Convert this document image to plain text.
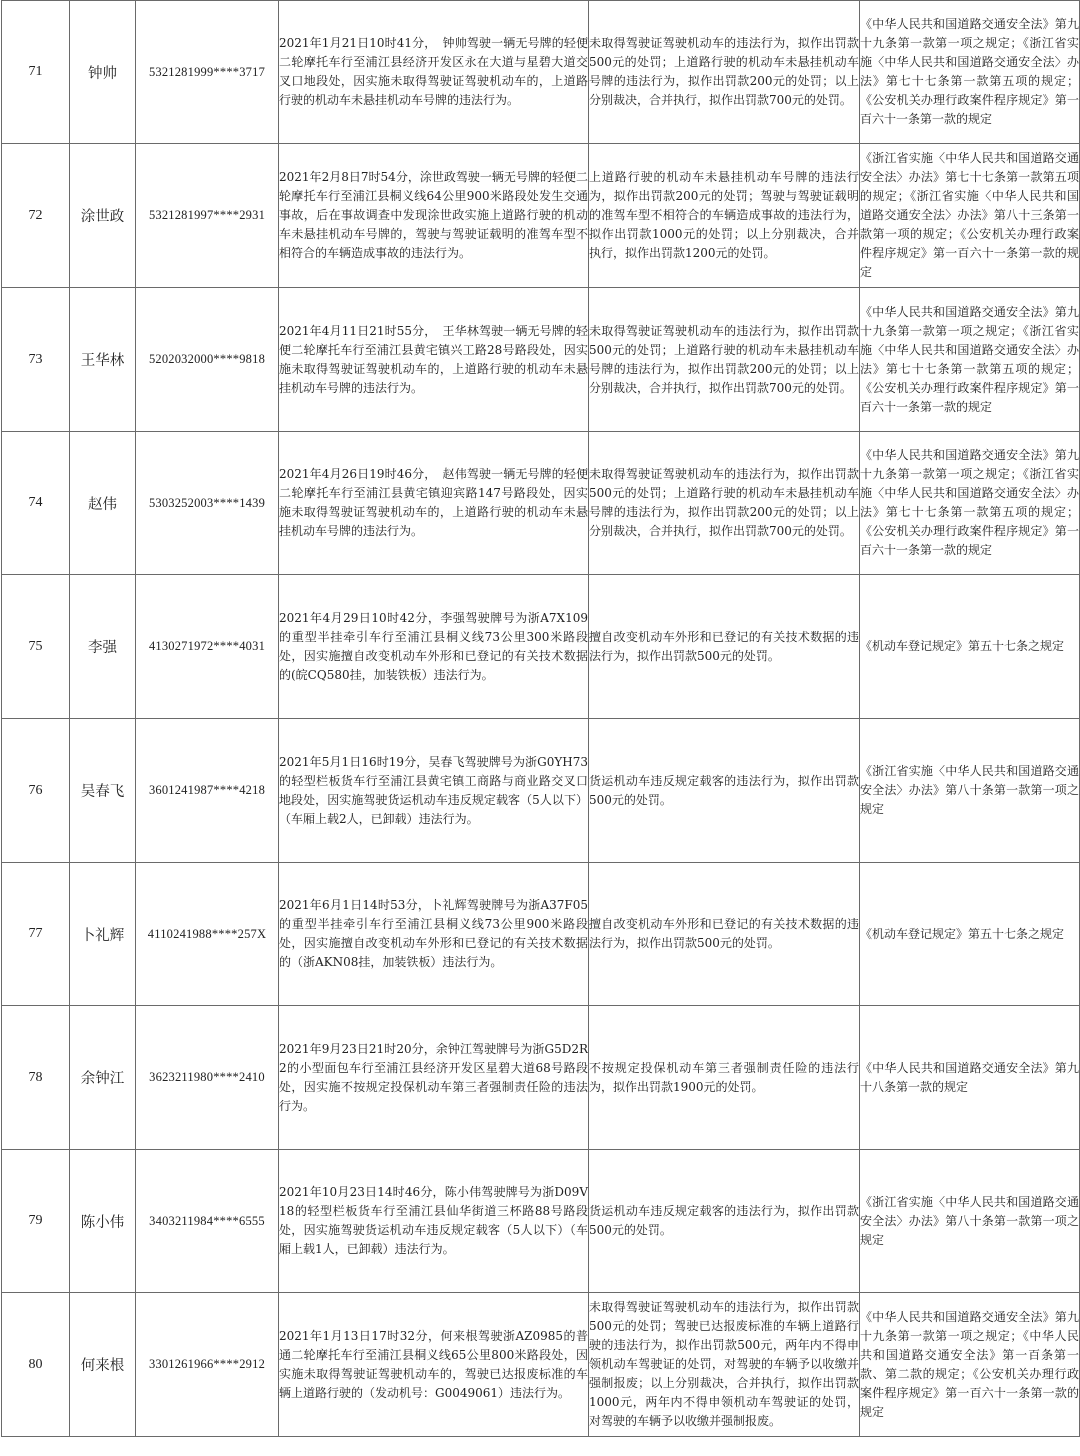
71	钟帅	5321281999****3717	2021年1月21日10时41分，　钟帅驾驶一辆无号牌的轻便二轮摩托车行至浦江县经济开发区永在大道与星碧大道交叉口地段处，因实施未取得驾驶证驾驶机动车的，上道路行驶的机动车未悬挂机动车号牌的违法行为。	未取得驾驶证驾驶机动车的违法行为，拟作出罚款500元的处罚；上道路行驶的机动车未悬挂机动车号牌的违法行为，拟作出罚款200元的处罚；以上分别裁决，合并执行，拟作出罚款700元的处罚。	《中华人民共和国道路交通安全法》第九十九条第一款第一项之规定；《浙江省实施〈中华人民共和国道路交通安全法〉办法》第七十七条第一款第五项的规定；《公安机关办理行政案件程序规定》第一百六十一条第一款的规定
72	涂世政	5321281997****2931	2021年2月8日7时54分，涂世政驾驶一辆无号牌的轻便二轮摩托车行至浦江县桐义线64公里900米路段处发生交通事故，后在事故调查中发现涂世政实施上道路行驶的机动车未悬挂机动车号牌的，驾驶与驾驶证载明的准驾车型不相符合的车辆造成事故的违法行为。	上道路行驶的机动车未悬挂机动车号牌的违法行为，拟作出罚款200元的处罚；驾驶与驾驶证载明的准驾车型不相符合的车辆造成事故的违法行为，拟作出罚款1000元的处罚；以上分别裁决，合并执行，拟作出罚款1200元的处罚。	《浙江省实施〈中华人民共和国道路交通安全法〉办法》第七十七条第一款第五项的规定；《浙江省实施〈中华人民共和国道路交通安全法〉办法》第八十三条第一款第一项的规定；《公安机关办理行政案件程序规定》第一百六十一条第一款的规定
73	王华林	5202032000****9818	2021年4月11日21时55分，　王华林驾驶一辆无号牌的轻便二轮摩托车行至浦江县黄宅镇兴工路28号路段处，因实施未取得驾驶证驾驶机动车的，上道路行驶的机动车未悬挂机动车号牌的违法行为。	未取得驾驶证驾驶机动车的违法行为，拟作出罚款500元的处罚；上道路行驶的机动车未悬挂机动车号牌的违法行为，拟作出罚款200元的处罚；以上分别裁决，合并执行，拟作出罚款700元的处罚。	《中华人民共和国道路交通安全法》第九十九条第一款第一项之规定；《浙江省实施〈中华人民共和国道路交通安全法〉办法》第七十七条第一款第五项的规定；《公安机关办理行政案件程序规定》第一百六十一条第一款的规定
74	赵伟	5303252003****1439	2021年4月26日19时46分，　赵伟驾驶一辆无号牌的轻便二轮摩托车行至浦江县黄宅镇迎宾路147号路段处，因实施未取得驾驶证驾驶机动车的，上道路行驶的机动车未悬挂机动车号牌的违法行为。	未取得驾驶证驾驶机动车的违法行为，拟作出罚款500元的处罚；上道路行驶的机动车未悬挂机动车号牌的违法行为，拟作出罚款200元的处罚；以上分别裁决，合并执行，拟作出罚款700元的处罚。	《中华人民共和国道路交通安全法》第九十九条第一款第一项之规定；《浙江省实施〈中华人民共和国道路交通安全法〉办法》第七十七条第一款第五项的规定；《公安机关办理行政案件程序规定》第一百六十一条第一款的规定
75	李强	4130271972****4031	2021年4月29日10时42分，李强驾驶牌号为浙A7X109的重型半挂牵引车行至浦江县桐义线73公里300米路段处，因实施擅自改变机动车外形和已登记的有关技术数据的(皖CQ580挂，加装铁板）违法行为。	擅自改变机动车外形和已登记的有关技术数据的违法行为，拟作出罚款500元的处罚。	《机动车登记规定》第五十七条之规定
76	吴春飞	3601241987****4218	2021年5月1日16时19分，吴春飞驾驶牌号为浙G0YH73的轻型栏板货车行至浦江县黄宅镇工商路与商业路交叉口地段处，因实施驾驶货运机动车违反规定载客（5人以下）（车厢上载2人，已卸载）违法行为。	货运机动车违反规定载客的违法行为，拟作出罚款500元的处罚。	《浙江省实施〈中华人民共和国道路交通安全法〉办法》第八十条第一款第一项之规定
77	卜礼辉	4110241988****257X	2021年6月1日14时53分，卜礼辉驾驶牌号为浙A37F05的重型半挂牵引车行至浦江县桐义线73公里900米路段处，因实施擅自改变机动车外形和已登记的有关技术数据的（浙AKN08挂，加装铁板）违法行为。	擅自改变机动车外形和已登记的有关技术数据的违法行为，拟作出罚款500元的处罚。	《机动车登记规定》第五十七条之规定
78	余钟江	3623211980****2410	2021年9月23日21时20分，余钟江驾驶牌号为浙G5D2R2的小型面包车行至浦江县经济开发区星碧大道68号路段处，因实施不按规定投保机动车第三者强制责任险的违法行为。	不按规定投保机动车第三者强制责任险的违法行为，拟作出罚款1900元的处罚。	《中华人民共和国道路交通安全法》第九十八条第一款的规定
79	陈小伟	3403211984****6555	2021年10月23日14时46分，陈小伟驾驶牌号为浙D09V18的轻型栏板货车行至浦江县仙华街道三杯路88号路段处，因实施驾驶货运机动车违反规定载客（5人以下）（车厢上载1人，已卸载）违法行为。	货运机动车违反规定载客的违法行为，拟作出罚款500元的处罚。	《浙江省实施〈中华人民共和国道路交通安全法〉办法》第八十条第一款第一项之规定
80	何来根	3301261966****2912	2021年1月13日17时32分，何来根驾驶浙AZ0985的普通二轮摩托车行至浦江县桐义线65公里800米路段处，因实施未取得驾驶证驾驶机动车的，驾驶已达报废标准的车辆上道路行驶的（发动机号：G0049061）违法行为。	未取得驾驶证驾驶机动车的违法行为，拟作出罚款500元的处罚；驾驶已达报废标准的车辆上道路行驶的违法行为，拟作出罚款500元，两年内不得申领机动车驾驶证的处罚，对驾驶的车辆予以收缴并强制报废；以上分别裁决，合并执行，拟作出罚款1000元，两年内不得申领机动车驾驶证的处罚，对驾驶的车辆予以收缴并强制报废。	《中华人民共和国道路交通安全法》第九十九条第一款第一项之规定；《中华人民共和国道路交通安全法》第一百条第一款、第二款的规定；《公安机关办理行政案件程序规定》第一百六十一条第一款的规定
